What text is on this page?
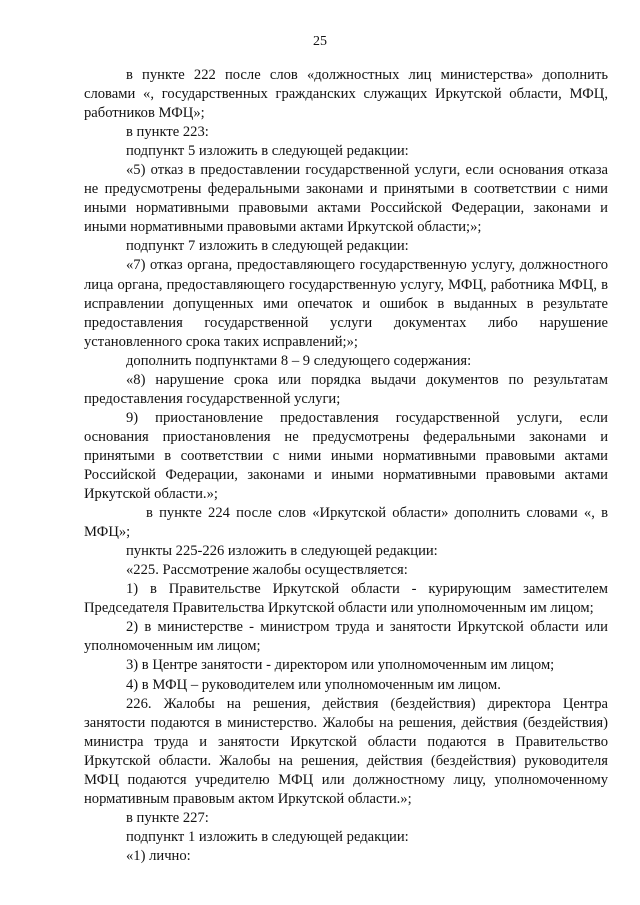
25

в пункте 222 после слов «должностных лиц министерства» дополнить словами «, государственных гражданских служащих Иркутской области, МФЦ, работников МФЦ»;

в пункте 223:

подпункт 5 изложить в следующей редакции:

«5) отказ в предоставлении государственной услуги, если основания отказа не предусмотрены федеральными законами и принятыми в соответствии с ними иными нормативными правовыми актами Российской Федерации, законами и иными нормативными правовыми актами Иркутской области;»;

подпункт 7 изложить в следующей редакции:

«7) отказ органа, предоставляющего государственную услугу, должностного лица органа, предоставляющего государственную услугу, МФЦ, работника МФЦ, в исправлении допущенных ими опечаток и ошибок в выданных в результате предоставления государственной услуги документах либо нарушение установленного срока таких исправлений;»;

дополнить подпунктами 8 – 9 следующего содержания:

«8) нарушение срока или порядка выдачи документов по результатам предоставления государственной услуги;

9) приостановление предоставления государственной услуги, если основания приостановления не предусмотрены федеральными законами и принятыми в соответствии с ними иными нормативными правовыми актами Российской Федерации, законами и иными нормативными правовыми актами Иркутской области.»;

в пункте 224 после слов «Иркутской области» дополнить словами «, в МФЦ»;

пункты 225-226 изложить в следующей редакции:

«225. Рассмотрение жалобы осуществляется:

1) в Правительстве Иркутской области - курирующим заместителем Председателя Правительства Иркутской области или уполномоченным им лицом;

2) в министерстве - министром труда и занятости Иркутской области или уполномоченным им лицом;

3) в Центре занятости - директором или уполномоченным им лицом;

4) в МФЦ – руководителем или уполномоченным им лицом.

226. Жалобы на решения, действия (бездействия) директора Центра занятости подаются в министерство. Жалобы на решения, действия (бездействия) министра труда и занятости Иркутской области подаются в Правительство Иркутской области. Жалобы на решения, действия (бездействия) руководителя МФЦ подаются учредителю МФЦ или должностному лицу, уполномоченному нормативным правовым актом Иркутской области.»;

в пункте 227:

подпункт 1 изложить в следующей редакции:

«1) лично:
